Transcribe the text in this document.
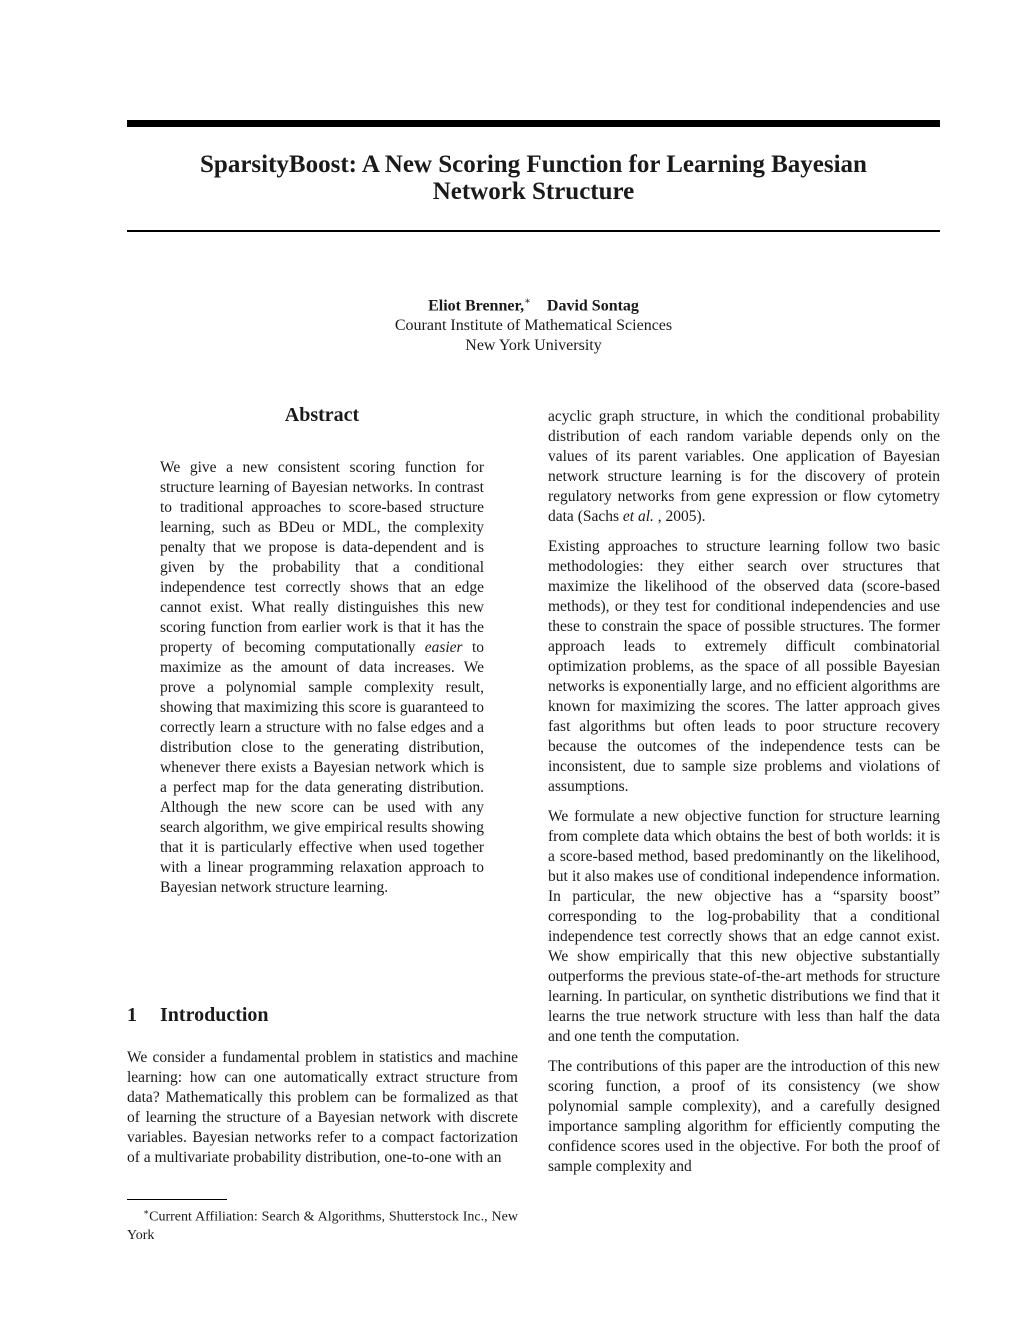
SparsityBoost: A New Scoring Function for Learning Bayesian
Network Structure
Eliot Brenner,∗ David Sontag
Courant Institute of Mathematical Sciences
New York University
Abstract

We give a new consistent scoring function for structure learning of Bayesian networks. In contrast to traditional approaches to score-based structure learning, such as BDeu or MDL, the complexity penalty that we propose is data-dependent and is given by the probability that a conditional independence test correctly shows that an edge cannot exist. What really distinguishes this new scoring function from earlier work is that it has the property of becoming computationally easier to maximize as the amount of data increases. We prove a polynomial sample complexity result, showing that maximizing this score is guaranteed to correctly learn a structure with no false edges and a distribution close to the generating distribution, whenever there exists a Bayesian network which is a perfect map for the data generating distribution. Although the new score can be used with any search algorithm, we give empirical results showing that it is particularly effective when used together with a linear programming relaxation approach to Bayesian network structure learning.

1 Introduction

We consider a fundamental problem in statistics and machine learning: how can one automatically extract structure from data? Mathematically this problem can be formalized as that of learning the structure of a Bayesian network with discrete variables. Bayesian networks refer to a compact factorization of a multivariate probability distribution, one-to-one with an

∗Current Affiliation: Search & Algorithms, Shutterstock Inc., New York

acyclic graph structure, in which the conditional probability distribution of each random variable depends only on the values of its parent variables. One application of Bayesian network structure learning is for the discovery of protein regulatory networks from gene expression or flow cytometry data (Sachs et al. , 2005).

Existing approaches to structure learning follow two basic methodologies: they either search over structures that maximize the likelihood of the observed data (score-based methods), or they test for conditional independencies and use these to constrain the space of possible structures. The former approach leads to extremely difficult combinatorial optimization problems, as the space of all possible Bayesian networks is exponentially large, and no efficient algorithms are known for maximizing the scores. The latter approach gives fast algorithms but often leads to poor structure recovery because the outcomes of the independence tests can be inconsistent, due to sample size problems and violations of assumptions.

We formulate a new objective function for structure learning from complete data which obtains the best of both worlds: it is a score-based method, based predominantly on the likelihood, but it also makes use of conditional independence information. In particular, the new objective has a “sparsity boost” corresponding to the log-probability that a conditional independence test correctly shows that an edge cannot exist. We show empirically that this new objective substantially outperforms the previous state-of-the-art methods for structure learning. In particular, on synthetic distributions we find that it learns the true network structure with less than half the data and one tenth the computation.

The contributions of this paper are the introduction of this new scoring function, a proof of its consistency (we show polynomial sample complexity), and a carefully designed importance sampling algorithm for efficiently computing the confidence scores used in the objective. For both the proof of sample complexity and
